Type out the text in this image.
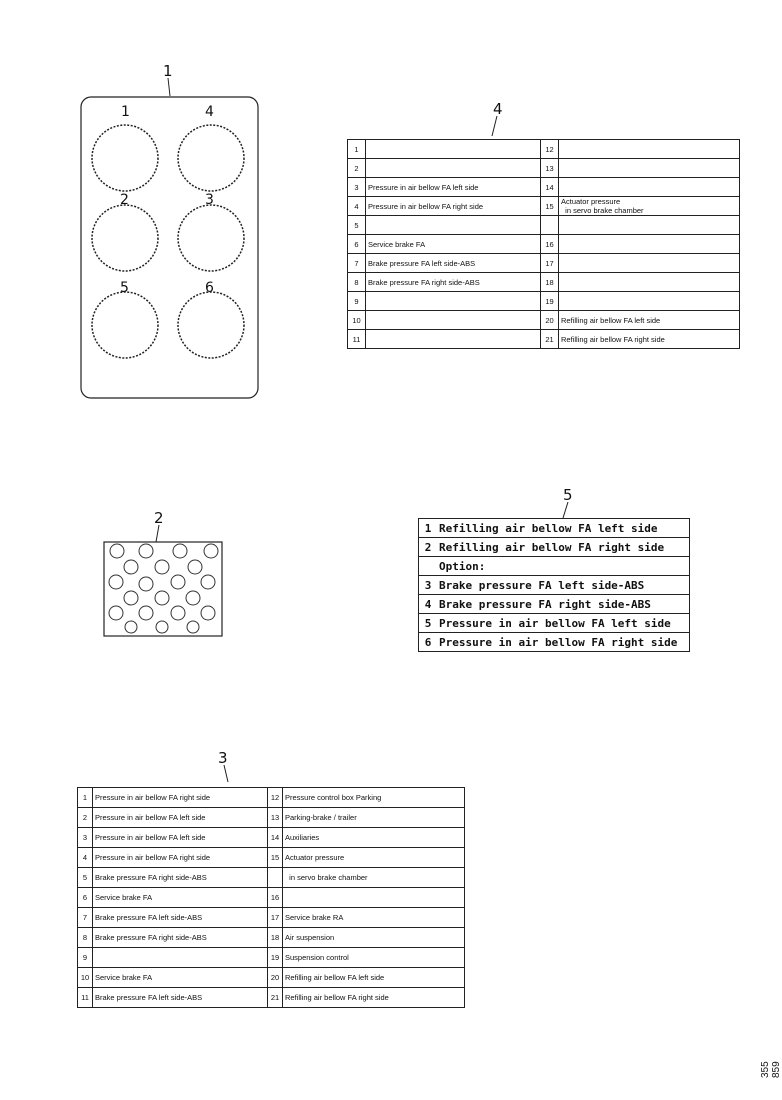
1
4
2
5
3
1	4
2	3
5	6
1		12	
2		13	
3	Pressure in air bellow FA left side	14	
4	Pressure in air bellow FA right side	15	Actuator pressure
in servo brake chamber
5			
6	Service brake FA	16	
7	Brake pressure FA left side-ABS	17	
8	Brake pressure FA right side-ABS	18	
9		19	
10		20	Refilling air bellow FA left side
11		21	Refilling air bellow FA right side
1	Refilling air bellow FA left side
2	Refilling air bellow FA right side
	Option:
3	Brake pressure FA left side-ABS
4	Brake pressure FA right side-ABS
5	Pressure in air bellow FA left side
6	Pressure in air bellow FA right side
1	Pressure in air bellow FA right side	12	Pressure control box Parking
2	Pressure in air bellow FA left side	13	Parking-brake / trailer
3	Pressure in air bellow FA left side	14	Auxiliaries
4	Pressure in air bellow FA right side	15	Actuator pressure
5	Brake pressure FA right side-ABS		in servo brake chamber
6	Service brake FA	16	
7	Brake pressure FA left side-ABS	17	Service brake RA
8	Brake pressure FA right side-ABS	18	Air suspension
9		19	Suspension control
10	Service brake FA	20	Refilling air bellow FA left side
11	Brake pressure FA left side-ABS	21	Refilling air bellow FA right side
355 859
